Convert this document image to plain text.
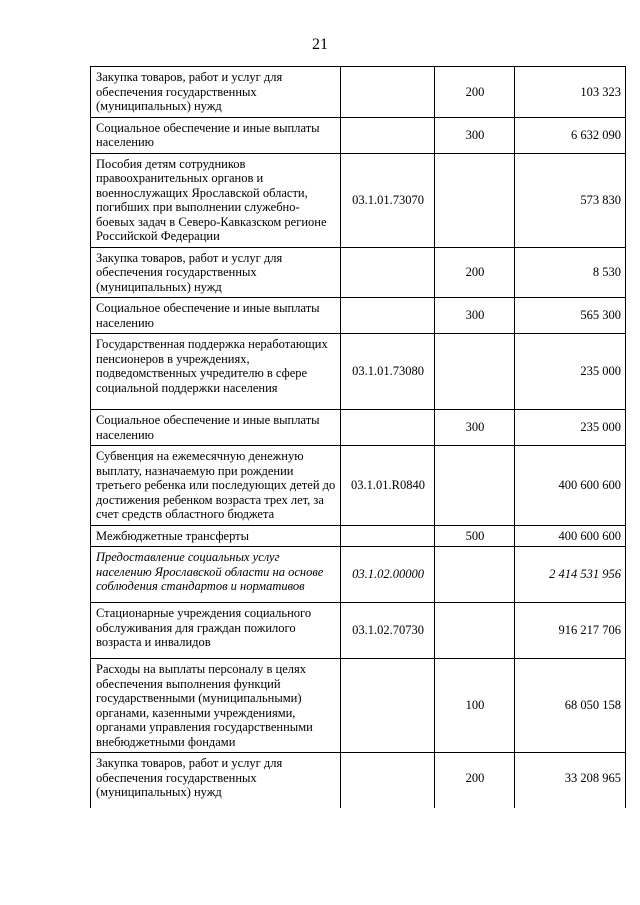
21
Закупка товаров, работ и услуг для обеспечения государственных (муниципальных) нужд		200	103 323
Социальное обеспечение и иные выплаты населению		300	6 632 090
Пособия детям сотрудников правоохранительных органов и военнослужащих Ярославской области, погибших при выполнении служебно-боевых задач в Северо-Кавказском регионе Российской Федерации	03.1.01.73070		573 830
Закупка товаров, работ и услуг для обеспечения государственных (муниципальных) нужд		200	8 530
Социальное обеспечение и иные выплаты населению		300	565 300
Государственная поддержка неработающих пенсионеров в учреждениях, подведомственных учредителю в сфере социальной поддержки населения	03.1.01.73080		235 000
Социальное обеспечение и иные выплаты населению		300	235 000
Субвенция на ежемесячную денежную выплату, назначаемую при рождении третьего ребенка или последующих детей до достижения ребенком возраста трех лет, за счет средств областного бюджета	03.1.01.R0840		400 600 600
Межбюджетные трансферты		500	400 600 600
Предоставление социальных услуг населению Ярославской области на основе соблюдения стандартов и нормативов	03.1.02.00000		2 414 531 956
Стационарные учреждения социального обслуживания для граждан пожилого возраста и инвалидов	03.1.02.70730		916 217 706
Расходы на выплаты персоналу в целях обеспечения выполнения функций государственными (муниципальными) органами, казенными учреждениями, органами управления государственными внебюджетными фондами		100	68 050 158
Закупка товаров, работ и услуг для обеспечения государственных (муниципальных) нужд		200	33 208 965
